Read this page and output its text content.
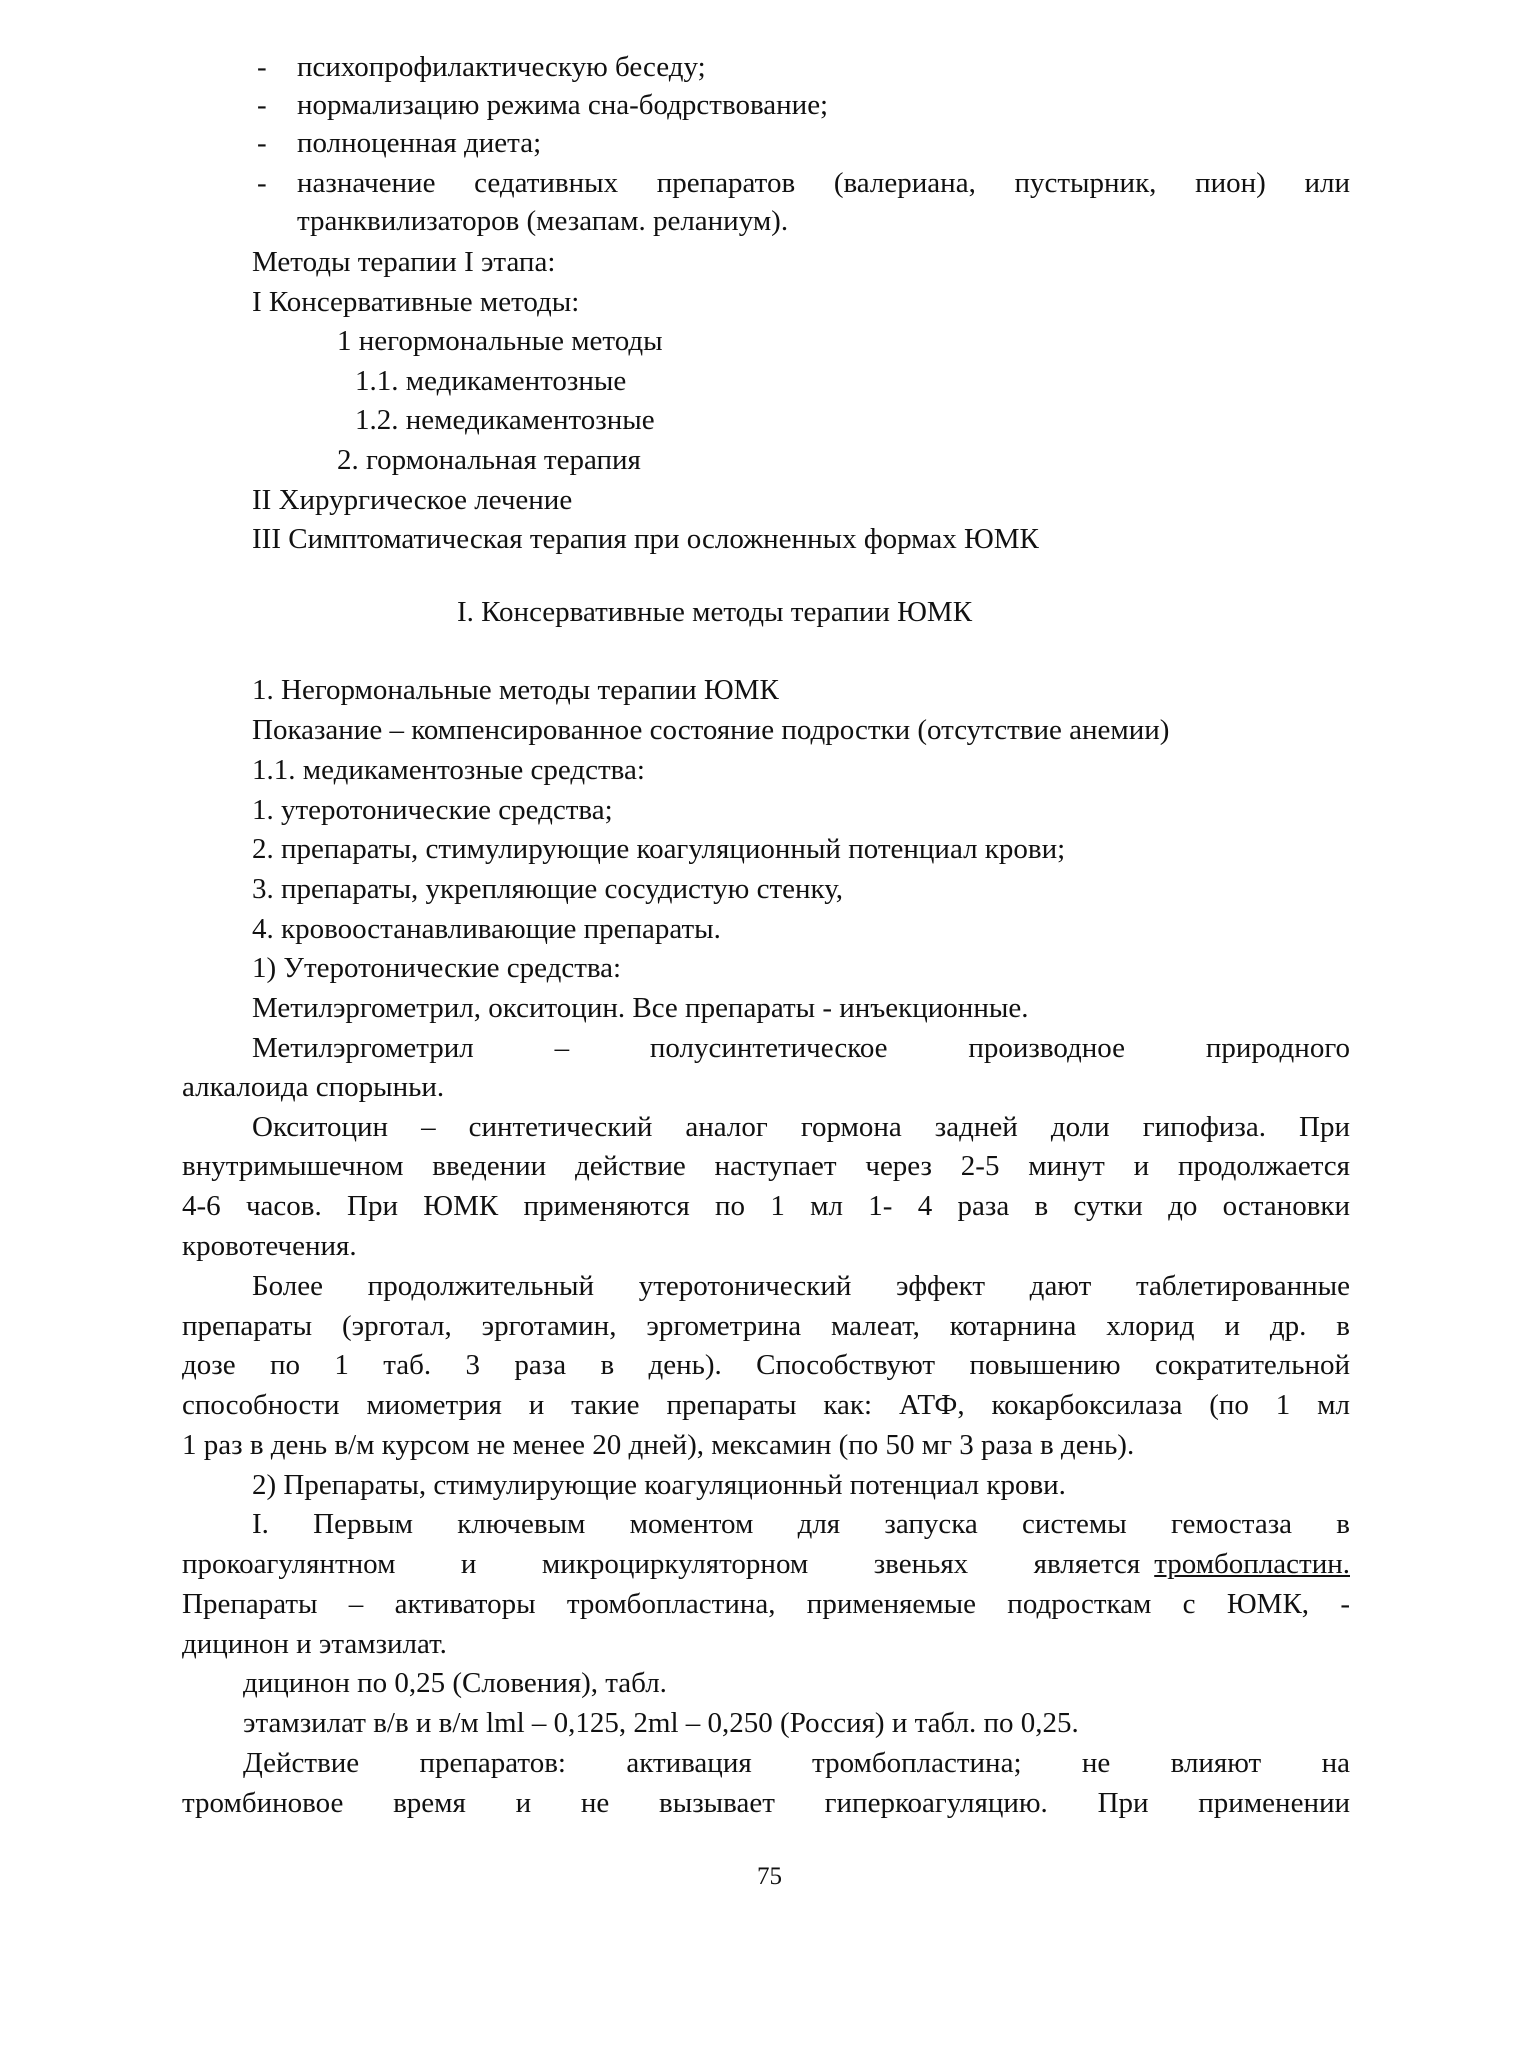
- психопрофилактическую беседу;
- нормализацию режима сна-бодрствование;
- полноценная диета;
- назначение седативных препаратов (валериана, пустырник, пион) или
транквилизаторов (мезапам. реланиум).
Методы терапии I этапа:
I Консервативные методы:
1 негормональные методы
1.1. медикаментозные
1.2. немедикаментозные
2. гормональная терапия
II Хирургическое лечение
III Симптоматическая терапия при осложненных формах ЮМК
I. Консервативные методы терапии ЮМК
1. Негормональные методы терапии ЮМК
Показание – компенсированное состояние подростки (отсутствие анемии)
1.1. медикаментозные средства:
1. утеротонические средства;
2. препараты, стимулирующие коагуляционный потенциал крови;
3. препараты, укрепляющие сосудистую стенку,
4. кровоостанавливающие препараты.
1) Утеротонические средства:
Метилэргометрил, окситоцин. Все препараты - инъекционные.
Метилэргометрил – полусинтетическое производное природного
алкалоида спорыньи.
Окситоцин – синтетический аналог гормона задней доли гипофиза. При
внутримышечном введении действие наступает через 2-5 минут и продолжается
4-6 часов. При ЮМК применяются по 1 мл 1- 4 раза в сутки до остановки
кровотечения.
Более продолжительный утеротонический эффект дают таблетированные
препараты (эрготал, эрготамин, эргометрина малеат, котарнина хлорид и др. в
дозе по 1 таб. 3 раза в день). Способствуют повышению сократительной
способности миометрия и такие препараты как: АТФ, кокарбоксилаза (по 1 мл
1 раз в день в/м курсом не менее 20 дней), мексамин (по 50 мг 3 раза в день).
2) Препараты, стимулирующие коагуляционньй потенциал крови.
I. Первым ключевым моментом для запуска системы гемостаза в
прокоагулянтном и микроциркуляторном звеньях является тромбопластин.
Препараты – активаторы тромбопластина, применяемые подросткам с ЮМК, -
дицинон и этамзилат.
дицинон по 0,25 (Словения), табл.
этамзилат в/в и в/м lml – 0,125, 2ml – 0,250 (Россия) и табл. по 0,25.
Действие препаратов: активация тромбопластина; не влияют на
тромбиновое время и не вызывает гиперкоагуляцию. При применении
75
